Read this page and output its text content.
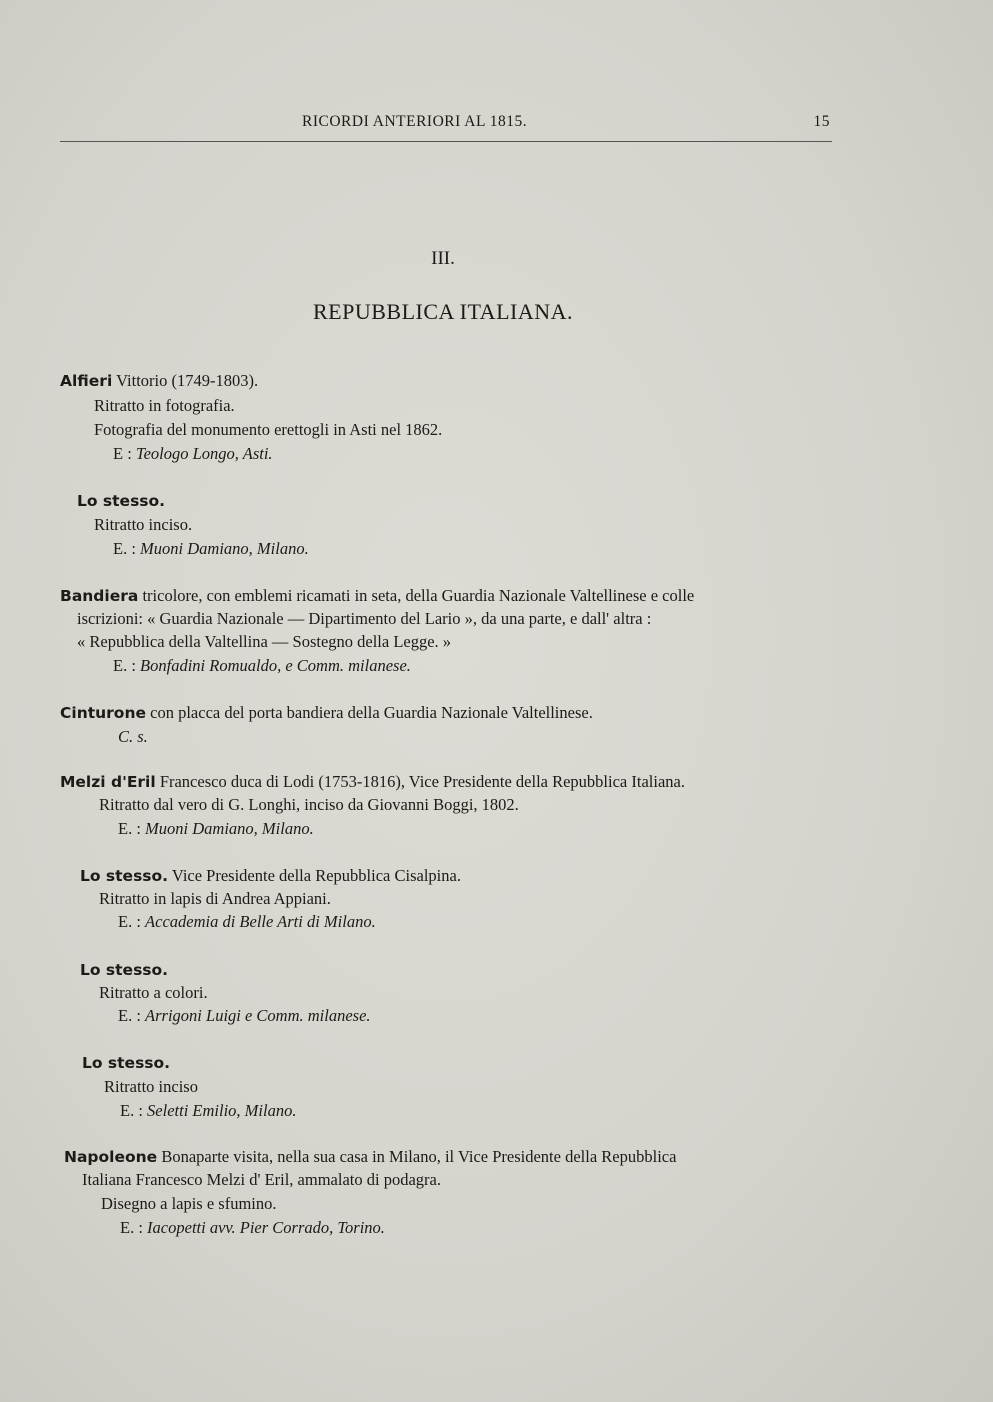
RICORDI ANTERIORI AL 1815.	15
III.
REPUBBLICA ITALIANA.
Alfieri Vittorio (1749-1803).
Ritratto in fotografia.
Fotografia del monumento erettogli in Asti nel 1862.
E : Teologo Longo, Asti.
Lo stesso.
Ritratto inciso.
E. : Muoni Damiano, Milano.
Bandiera tricolore, con emblemi ricamati in seta, della Guardia Nazionale Valtellinese e colle
iscrizioni: « Guardia Nazionale — Dipartimento del Lario », da una parte, e dall' altra :
« Repubblica della Valtellina — Sostegno della Legge. »
E. : Bonfadini Romualdo, e Comm. milanese.
Cinturone con placca del porta bandiera della Guardia Nazionale Valtellinese.
C. s.
Melzi d'Eril Francesco duca di Lodi (1753-1816), Vice Presidente della Repubblica Italiana.
Ritratto dal vero di G. Longhi, inciso da Giovanni Boggi, 1802.
E. : Muoni Damiano, Milano.
Lo stesso. Vice Presidente della Repubblica Cisalpina.
Ritratto in lapis di Andrea Appiani.
E. : Accademia di Belle Arti di Milano.
Lo stesso.
Ritratto a colori.
E. : Arrigoni Luigi e Comm. milanese.
Lo stesso.
Ritratto inciso
E. : Seletti Emilio, Milano.
Napoleone Bonaparte visita, nella sua casa in Milano, il Vice Presidente della Repubblica
Italiana Francesco Melzi d' Eril, ammalato di podagra.
Disegno a lapis e sfumino.
E. : Iacopetti avv. Pier Corrado, Torino.
